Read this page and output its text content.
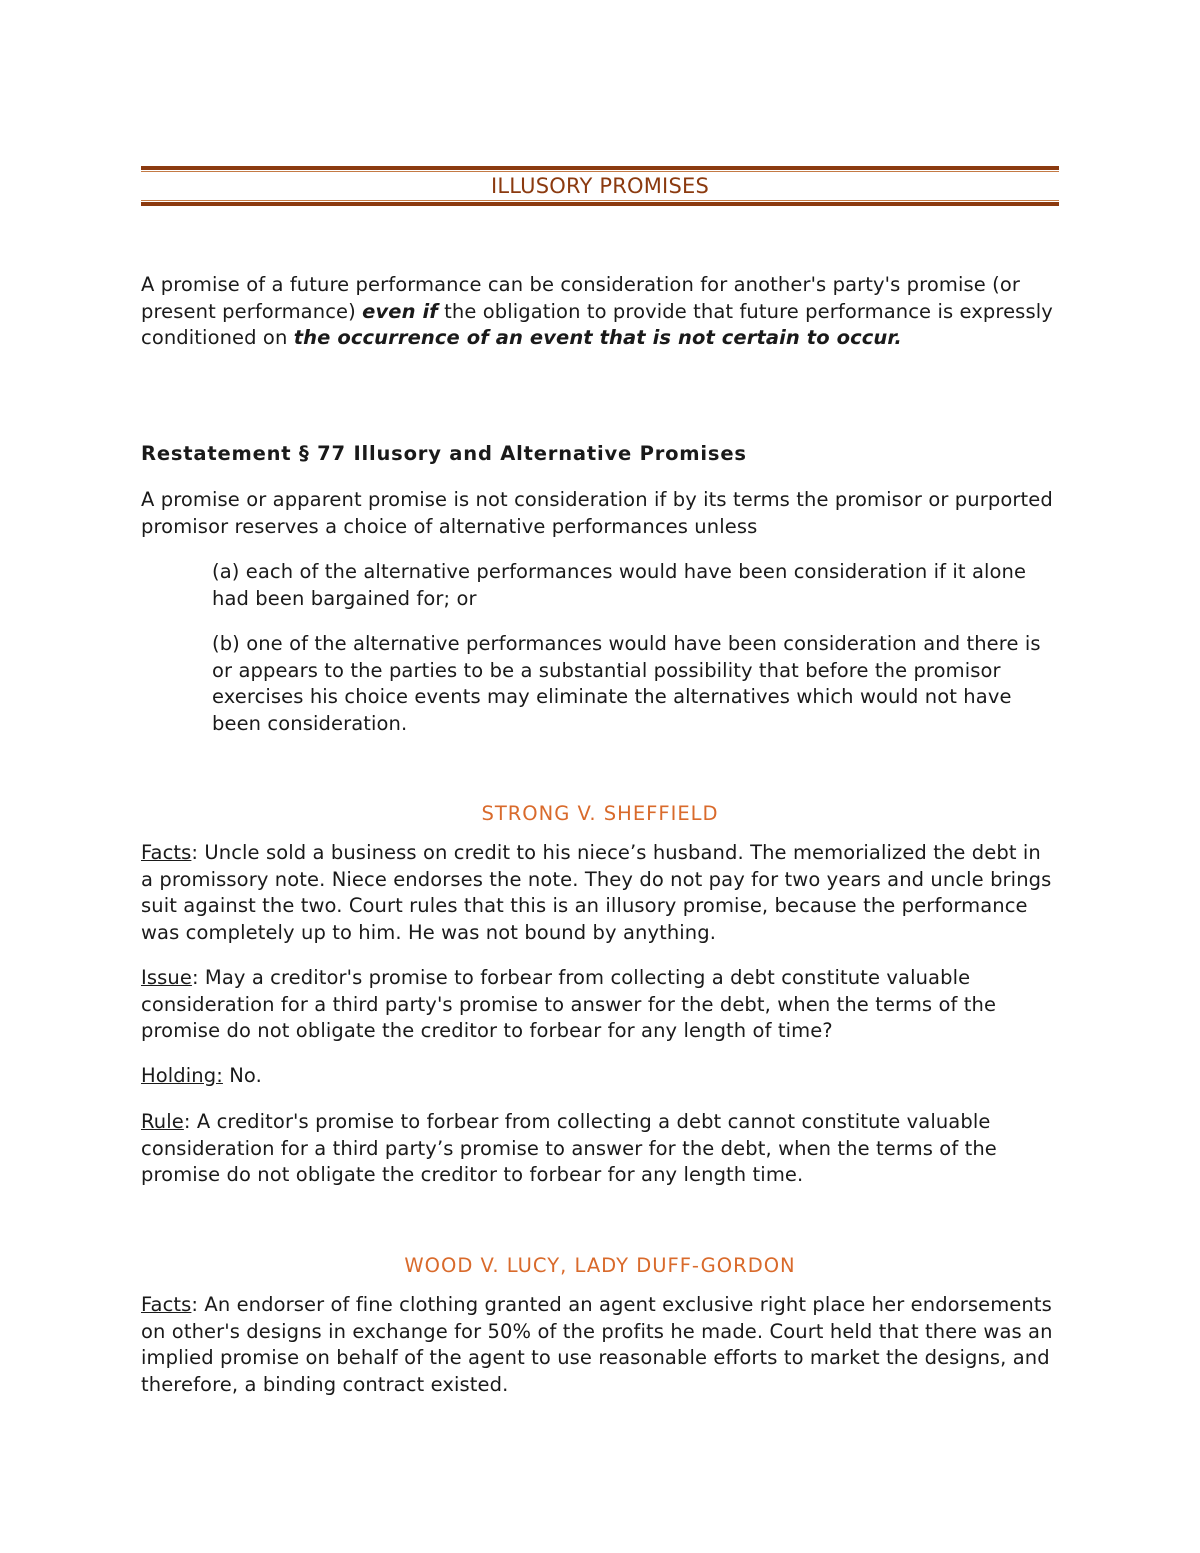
ILLUSORY PROMISES

A promise of a future performance can be consideration for another's party's promise (or present performance) even if the obligation to provide that future performance is expressly conditioned on the occurrence of an event that is not certain to occur.

Restatement § 77 Illusory and Alternative Promises

A promise or apparent promise is not consideration if by its terms the promisor or purported promisor reserves a choice of alternative performances unless

(a) each of the alternative performances would have been consideration if it alone had been bargained for; or

(b) one of the alternative performances would have been consideration and there is or appears to the parties to be a substantial possibility that before the promisor exercises his choice events may eliminate the alternatives which would not have been consideration.

STRONG V. SHEFFIELD

Facts: Uncle sold a business on credit to his niece’s husband. The memorialized the debt in a promissory note. Niece endorses the note. They do not pay for two years and uncle brings suit against the two. Court rules that this is an illusory promise, because the performance was completely up to him. He was not bound by anything.

Issue: May a creditor's promise to forbear from collecting a debt constitute valuable consideration for a third party's promise to answer for the debt, when the terms of the promise do not obligate the creditor to forbear for any length of time?

Holding: No.

Rule: A creditor's promise to forbear from collecting a debt cannot constitute valuable consideration for a third party’s promise to answer for the debt, when the terms of the promise do not obligate the creditor to forbear for any length time.

WOOD V. LUCY, LADY DUFF-GORDON

Facts: An endorser of fine clothing granted an agent exclusive right place her endorsements on other's designs in exchange for 50% of the profits he made. Court held that there was an implied promise on behalf of the agent to use reasonable efforts to market the designs, and therefore, a binding contract existed.
